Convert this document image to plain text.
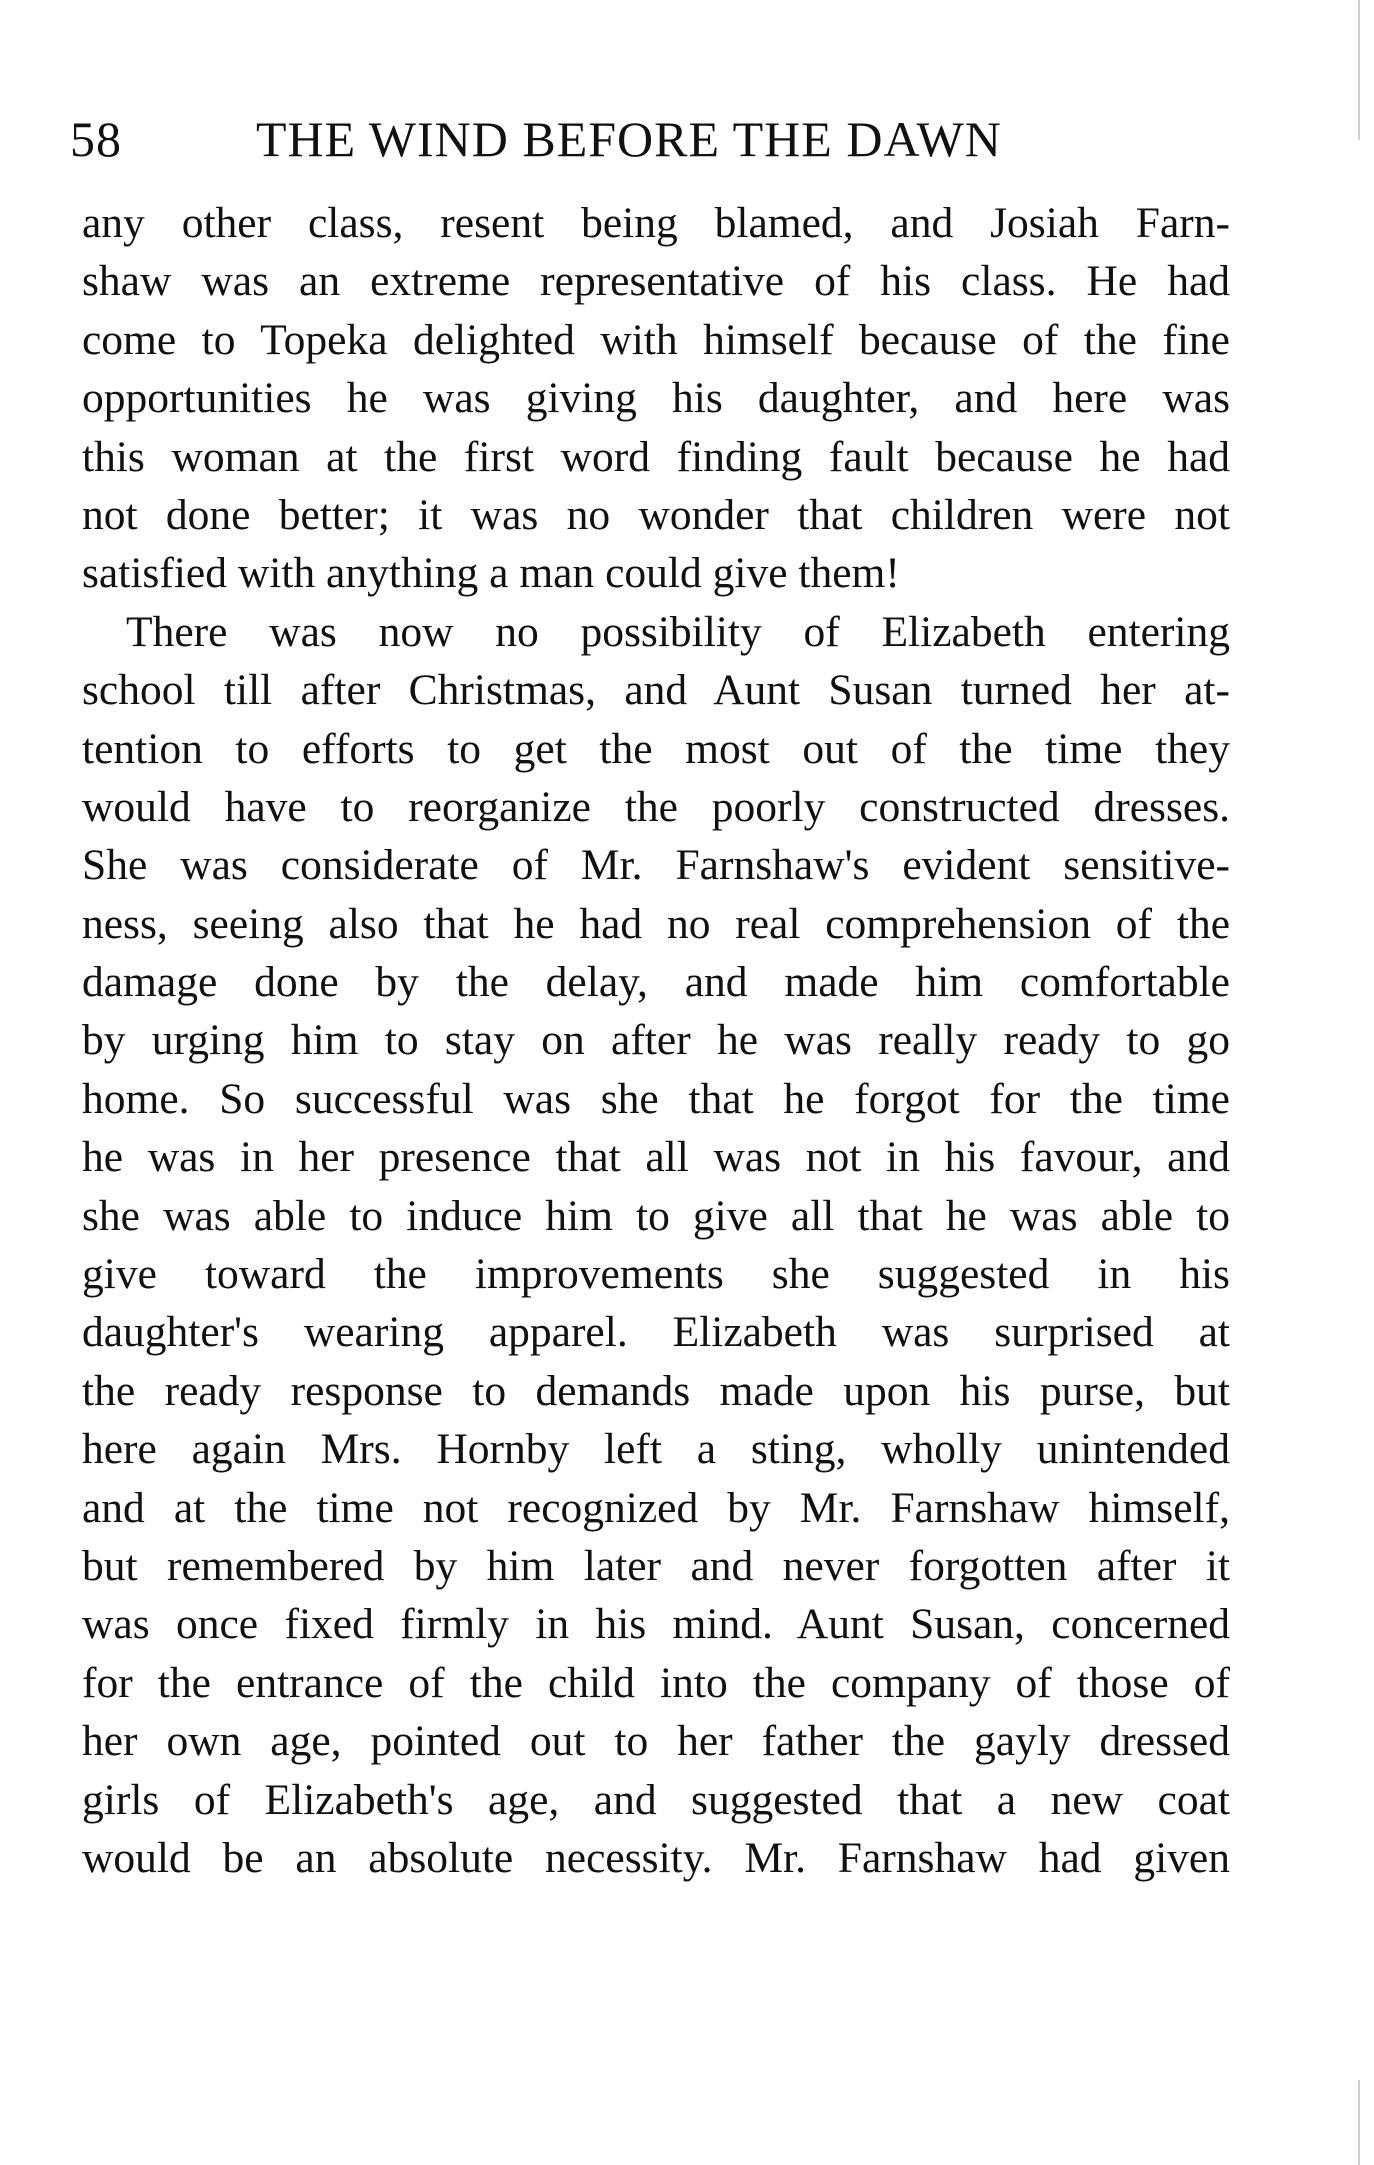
58	THE WIND BEFORE THE DAWN
any other class, resent being blamed, and Josiah Farn-
shaw was an extreme representative of his class. He had
come to Topeka delighted with himself because of the fine
opportunities he was giving his daughter, and here was
this woman at the first word finding fault because he had
not done better; it was no wonder that children were not
satisfied with anything a man could give them!
There was now no possibility of Elizabeth entering
school till after Christmas, and Aunt Susan turned her at-
tention to efforts to get the most out of the time they
would have to reorganize the poorly constructed dresses.
She was considerate of Mr. Farnshaw's evident sensitive-
ness, seeing also that he had no real comprehension of the
damage done by the delay, and made him comfortable
by urging him to stay on after he was really ready to go
home. So successful was she that he forgot for the time
he was in her presence that all was not in his favour, and
she was able to induce him to give all that he was able to
give toward the improvements she suggested in his
daughter's wearing apparel. Elizabeth was surprised at
the ready response to demands made upon his purse, but
here again Mrs. Hornby left a sting, wholly unintended
and at the time not recognized by Mr. Farnshaw himself,
but remembered by him later and never forgotten after it
was once fixed firmly in his mind. Aunt Susan, concerned
for the entrance of the child into the company of those of
her own age, pointed out to her father the gayly dressed
girls of Elizabeth's age, and suggested that a new coat
would be an absolute necessity. Mr. Farnshaw had given
